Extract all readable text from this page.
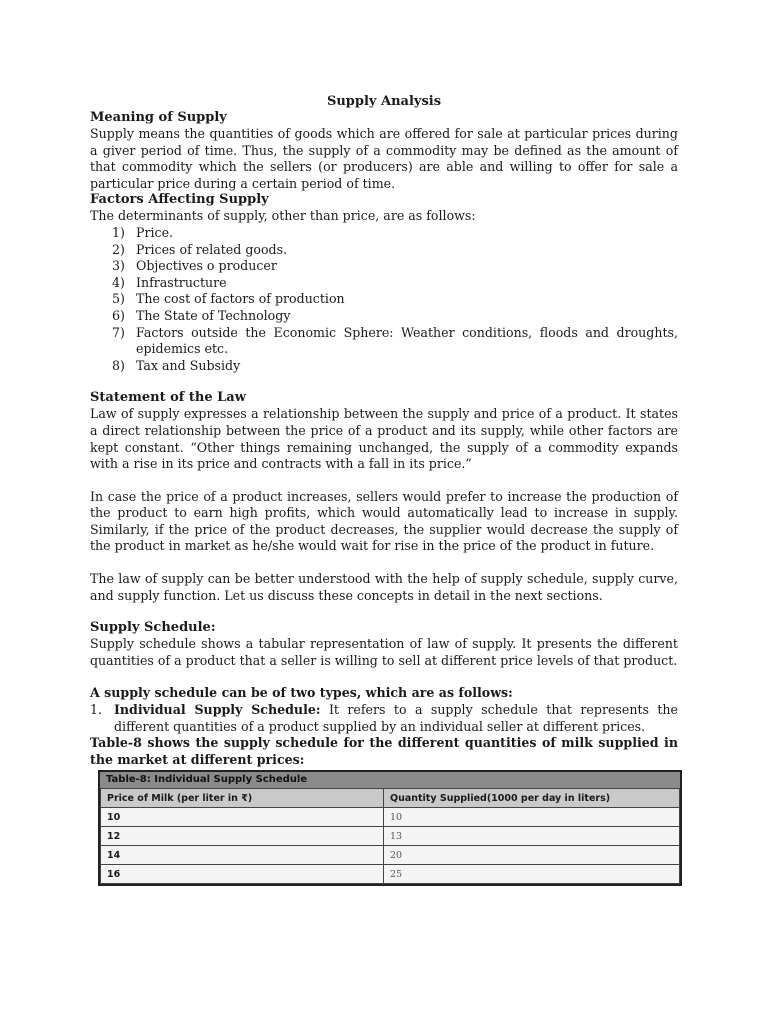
Supply Analysis
Meaning of Supply

Supply means the quantities of goods which are offered for sale at particular prices during a giver period of time. Thus, the supply of a commodity may be defined as the amount of that commodity which the sellers (or producers) are able and willing to offer for sale a particular price during a certain period of time.

Factors Affecting Supply

The determinants of supply, other than price, are as follows:

1) Price.
2) Prices of related goods.
3) Objectives o producer
4) Infrastructure
5) The cost of factors of production
6) The State of Technology
7) Factors outside the Economic Sphere: Weather conditions, floods and droughts, epidemics etc.
8) Tax and Subsidy
Statement of the Law

Law of supply expresses a relationship between the supply and price of a product. It states a direct relationship between the price of a product and its supply, while other factors are kept constant. “Other things remaining unchanged, the supply of a commodity expands with a rise in its price and contracts with a fall in its price.”

In case the price of a product increases, sellers would prefer to increase the production of the product to earn high profits, which would automatically lead to increase in supply. Similarly, if the price of the product decreases, the supplier would decrease the supply of the product in market as he/she would wait for rise in the price of the product in future.

The law of supply can be better understood with the help of supply schedule, supply curve, and supply function. Let us discuss these concepts in detail in the next sections.

Supply Schedule:

Supply schedule shows a tabular representation of law of supply. It presents the different quantities of a product that a seller is willing to sell at different price levels of that product.

A supply schedule can be of two types, which are as follows:

1. Individual Supply Schedule: It refers to a supply schedule that represents the different quantities of a product supplied by an individual seller at different prices.

Table-8 shows the supply schedule for the different quantities of milk supplied in the market at different prices:

Table-8: Individual Supply Schedule
Price of Milk (per liter in ₹)	Quantity Supplied(1000 per day in liters)
10	10
12	13
14	20
16	25
